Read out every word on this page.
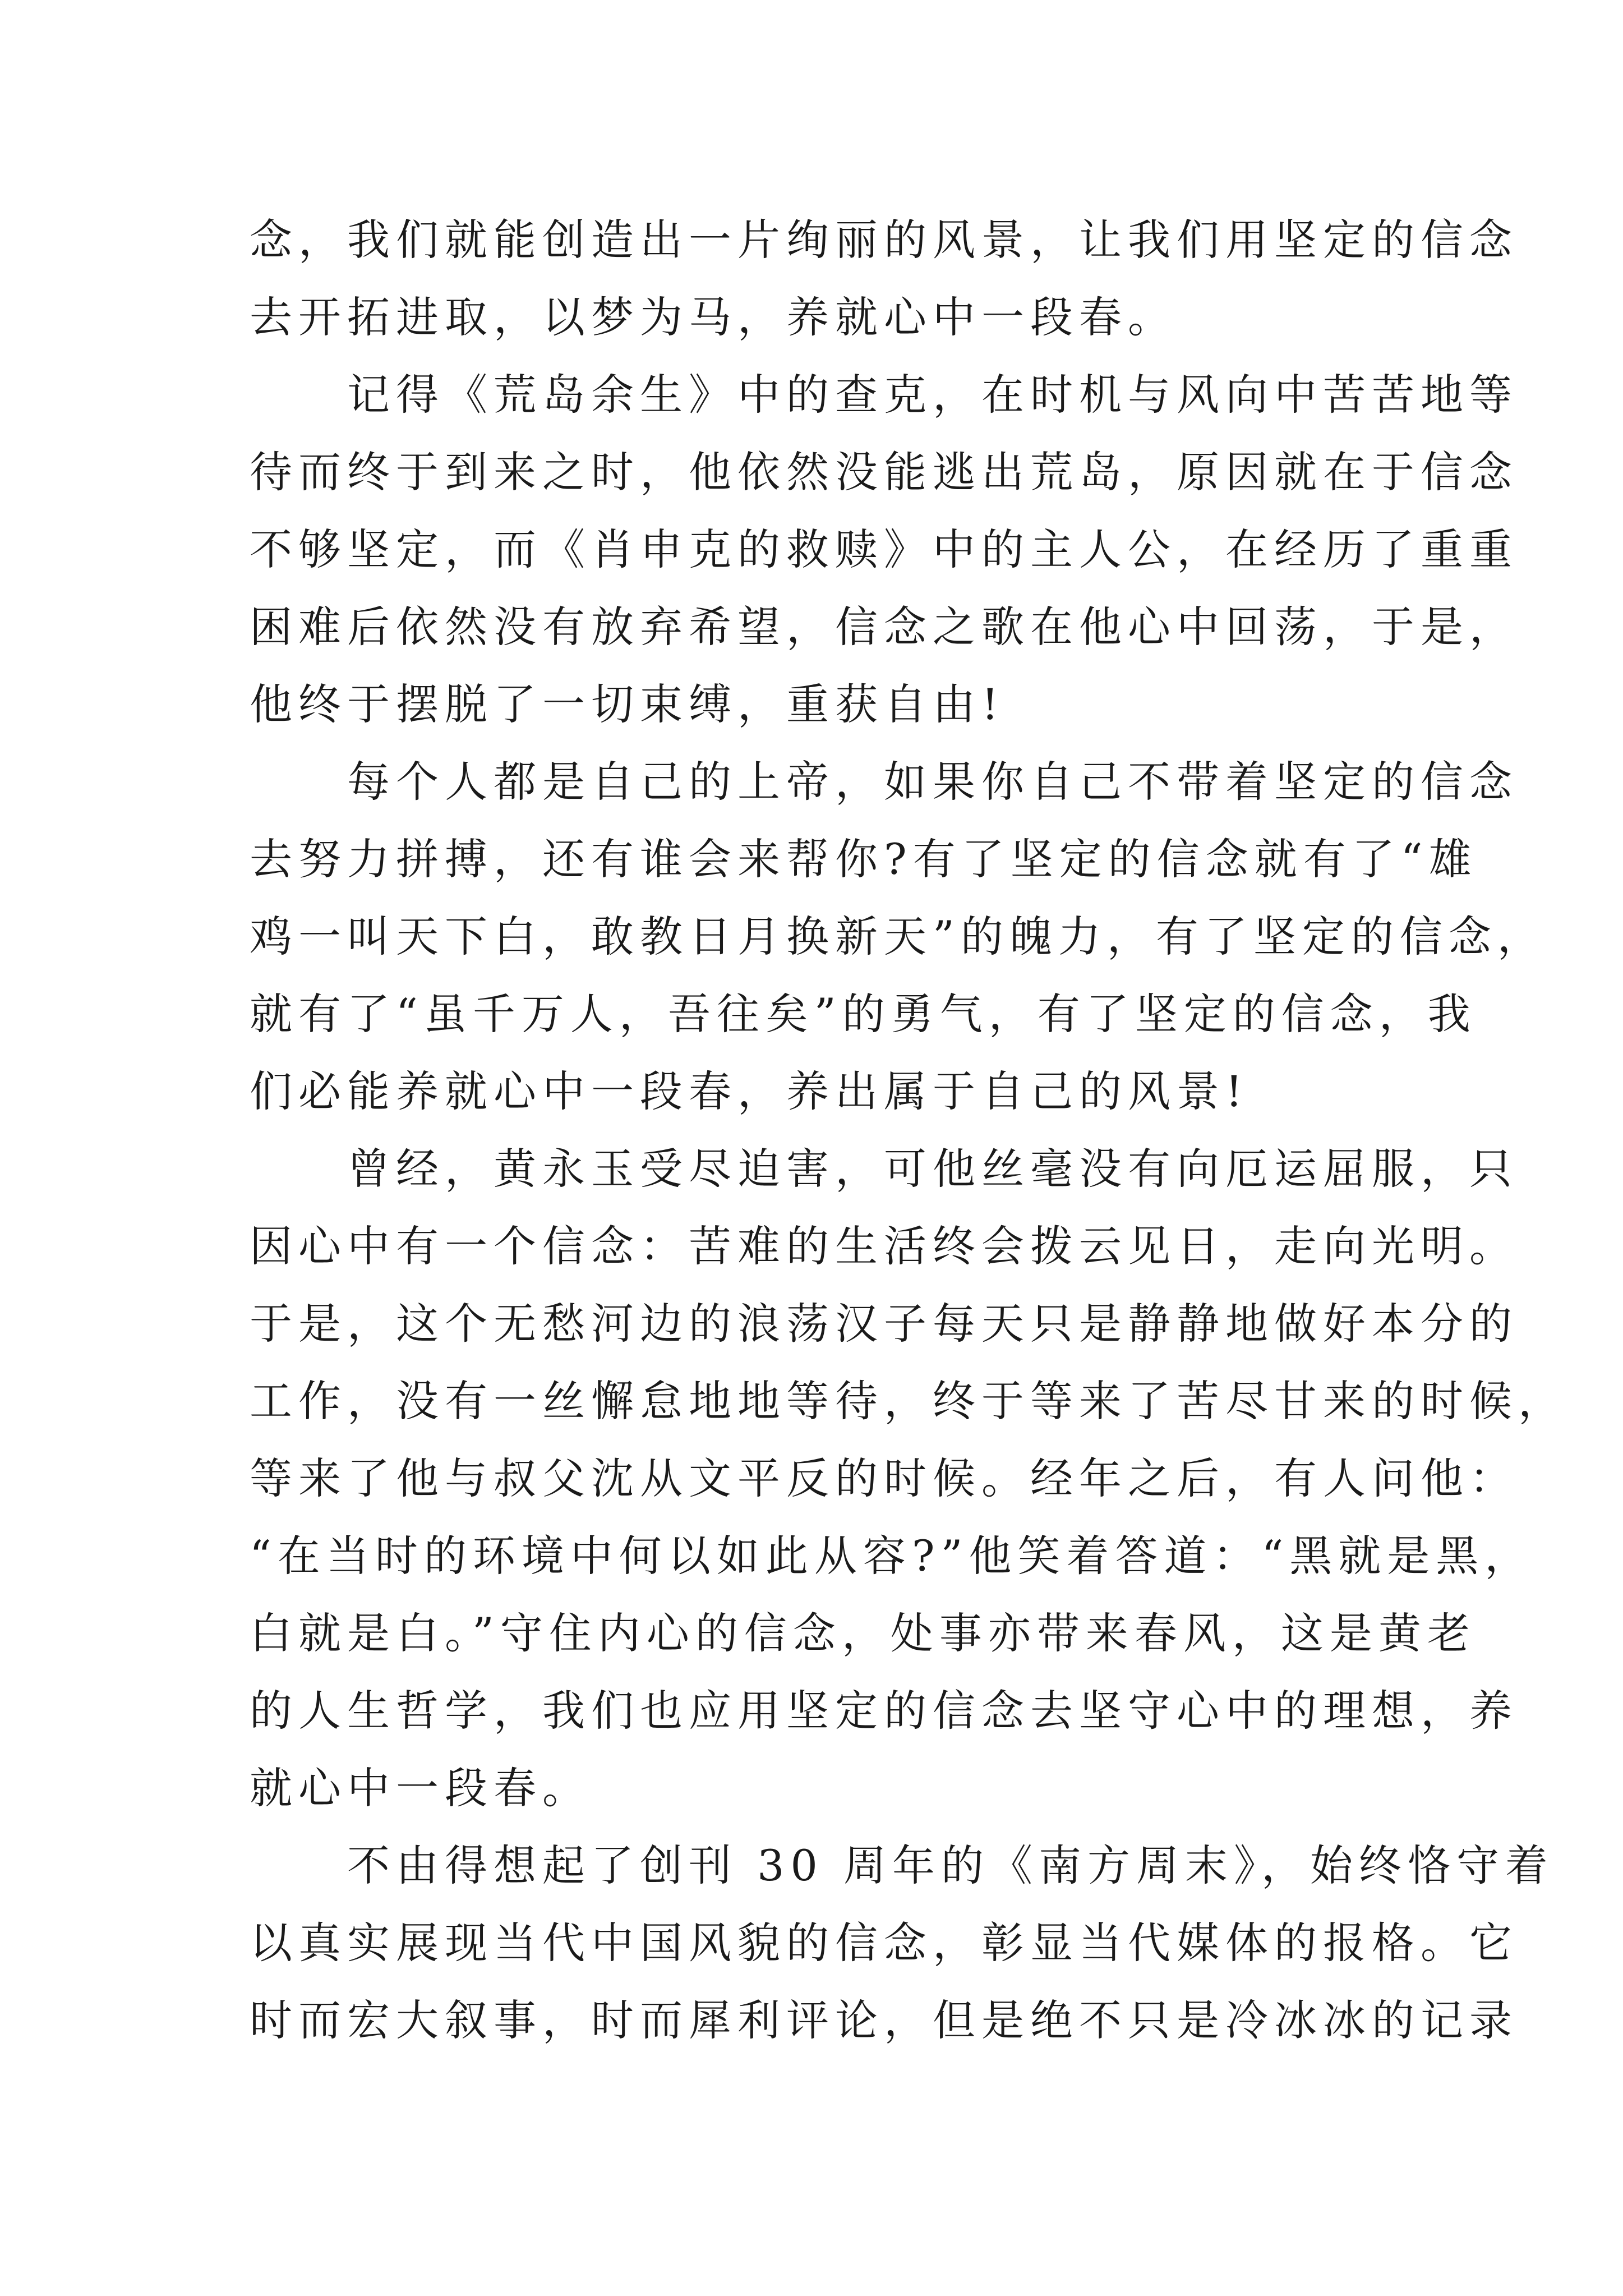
念，我们就能创造出一片绚丽的风景，让我们用坚定的信念
去开拓进取，以梦为马，养就心中一段春。
　　记得《荒岛余生》中的查克，在时机与风向中苦苦地等
待而终于到来之时，他依然没能逃出荒岛，原因就在于信念
不够坚定，而《肖申克的救赎》中的主人公，在经历了重重
困难后依然没有放弃希望，信念之歌在他心中回荡，于是，
他终于摆脱了一切束缚，重获自由!
　　每个人都是自己的上帝，如果你自己不带着坚定的信念
去努力拼搏，还有谁会来帮你?有了坚定的信念就有了“雄
鸡一叫天下白，敢教日月换新天”的魄力，有了坚定的信念，
就有了“虽千万人，吾往矣”的勇气，有了坚定的信念，我
们必能养就心中一段春，养出属于自己的风景!
　　曾经，黄永玉受尽迫害，可他丝毫没有向厄运屈服，只
因心中有一个信念：苦难的生活终会拨云见日，走向光明。
于是，这个无愁河边的浪荡汉子每天只是静静地做好本分的
工作，没有一丝懈怠地地等待，终于等来了苦尽甘来的时候，
等来了他与叔父沈从文平反的时候。经年之后，有人问他：
“在当时的环境中何以如此从容?”他笑着答道：“黑就是黑，
白就是白。”守住内心的信念，处事亦带来春风，这是黄老
的人生哲学，我们也应用坚定的信念去坚守心中的理想，养
就心中一段春。
　　不由得想起了创刊 30 周年的《南方周末》，始终恪守着
以真实展现当代中国风貌的信念，彰显当代媒体的报格。它
时而宏大叙事，时而犀利评论，但是绝不只是冷冰冰的记录
